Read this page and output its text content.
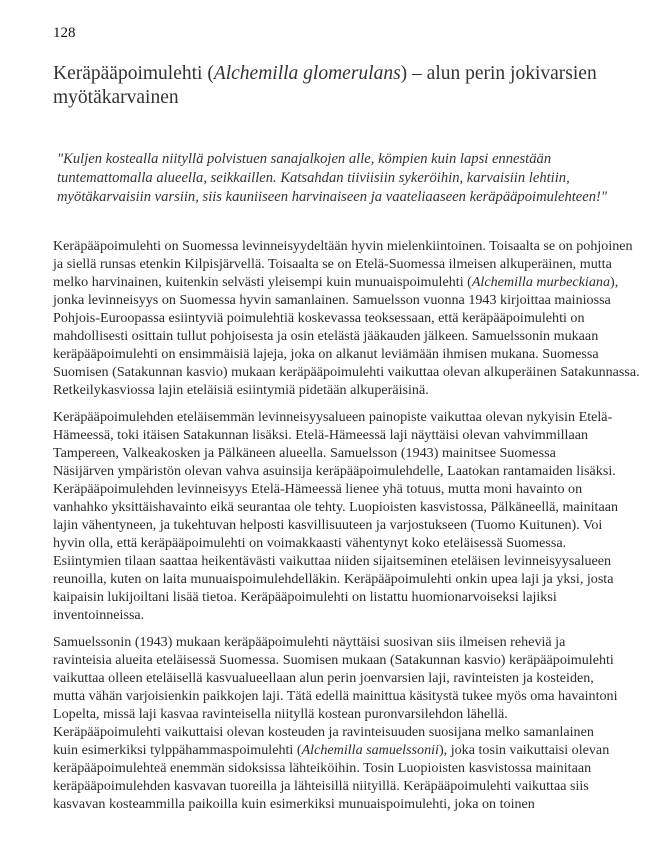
128
Keräpääpoimulehti (Alchemilla glomerulans) – alun perin jokivarsien myötäkarvainen

"Kuljen kostealla niityllä polvistuen sanajalkojen alle, kömpien kuin lapsi ennestään tuntemattomalla alueella, seikkaillen. Katsahdan tiiviisiin sykeröihin, karvaisiin lehtiin, myötäkarvaisiin varsiin, siis kauniiseen harvinaiseen ja vaateliaaseen keräpääpoimulehteen!"

Keräpääpoimulehti on Suomessa levinneisyydeltään hyvin mielenkiintoinen. Toisaalta se on pohjoinen
ja siellä runsas etenkin Kilpisjärvellä. Toisaalta se on Etelä-Suomessa ilmeisen alkuperäinen, mutta
melko harvinainen, kuitenkin selvästi yleisempi kuin munuaispoimulehti (Alchemilla murbeckiana),
jonka levinneisyys on Suomessa hyvin samanlainen. Samuelsson vuonna 1943 kirjoittaa mainiossa
Pohjois-Euroopassa esiintyviä poimulehtiä koskevassa teoksessaan, että keräpääpoimulehti on
mahdollisesti osittain tullut pohjoisesta ja osin etelästä jääkauden jälkeen. Samuelssonin mukaan
keräpääpoimulehti on ensimmäisiä lajeja, joka on alkanut leviämään ihmisen mukana. Suomessa
Suomisen (Satakunnan kasvio) mukaan keräpääpoimulehti vaikuttaa olevan alkuperäinen Satakunnassa.
Retkeilykasviossa lajin eteläisiä esiintymiä pidetään alkuperäisinä.

Keräpääpoimulehden eteläisemmän levinneisyysalueen painopiste vaikuttaa olevan nykyisin Etelä-
Hämeessä, toki itäisen Satakunnan lisäksi. Etelä-Hämeessä laji näyttäisi olevan vahvimmillaan
Tampereen, Valkeakosken ja Pälkäneen alueella. Samuelsson (1943) mainitsee Suomessa
Näsijärven ympäristön olevan vahva asuinsija keräpääpoimulehdelle, Laatokan rantamaiden lisäksi.
Keräpääpoimulehden levinneisyys Etelä-Hämeessä lienee yhä totuus, mutta moni havainto on
vanhahko yksittäishavainto eikä seurantaa ole tehty. Luopioisten kasvistossa, Pälkäneellä, mainitaan
lajin vähentyneen, ja tukehtuvan helposti kasvillisuuteen ja varjostukseen (Tuomo Kuitunen). Voi
hyvin olla, että keräpääpoimulehti on voimakkaasti vähentynyt koko eteläisessä Suomessa.
Esiintymien tilaan saattaa heikentävästi vaikuttaa niiden sijaitseminen eteläisen levinneisyysalueen
reunoilla, kuten on laita munuaispoimulehdelläkin. Keräpääpoimulehti onkin upea laji ja yksi, josta
kaipaisin lukijoiltani lisää tietoa. Keräpääpoimulehti on listattu huomionarvoiseksi lajiksi
inventoinneissa.

Samuelssonin (1943) mukaan keräpääpoimulehti näyttäisi suosivan siis ilmeisen reheviä ja
ravinteisia alueita eteläisessä Suomessa. Suomisen mukaan (Satakunnan kasvio) keräpääpoimulehti
vaikuttaa olleen eteläisellä kasvualueellaan alun perin joenvarsien laji, ravinteisten ja kosteiden,
mutta vähän varjoisienkin paikkojen laji. Tätä edellä mainittua käsitystä tukee myös oma havaintoni
Lopelta, missä laji kasvaa ravinteisella niityllä kostean puronvarsilehdon lähellä.
Keräpääpoimulehti vaikuttaisi olevan kosteuden ja ravinteisuuden suosijana melko samanlainen
kuin esimerkiksi tylppähammaspoimulehti (Alchemilla samuelssonii), joka tosin vaikuttaisi olevan
keräpääpoimulehteä enemmän sidoksissa lähteiköihin. Tosin Luopioisten kasvistossa mainitaan
keräpääpoimulehden kasvavan tuoreilla ja lähteisillä niityillä. Keräpääpoimulehti vaikuttaa siis
kasvavan kosteammilla paikoilla kuin esimerkiksi munuaispoimulehti, joka on toinen
